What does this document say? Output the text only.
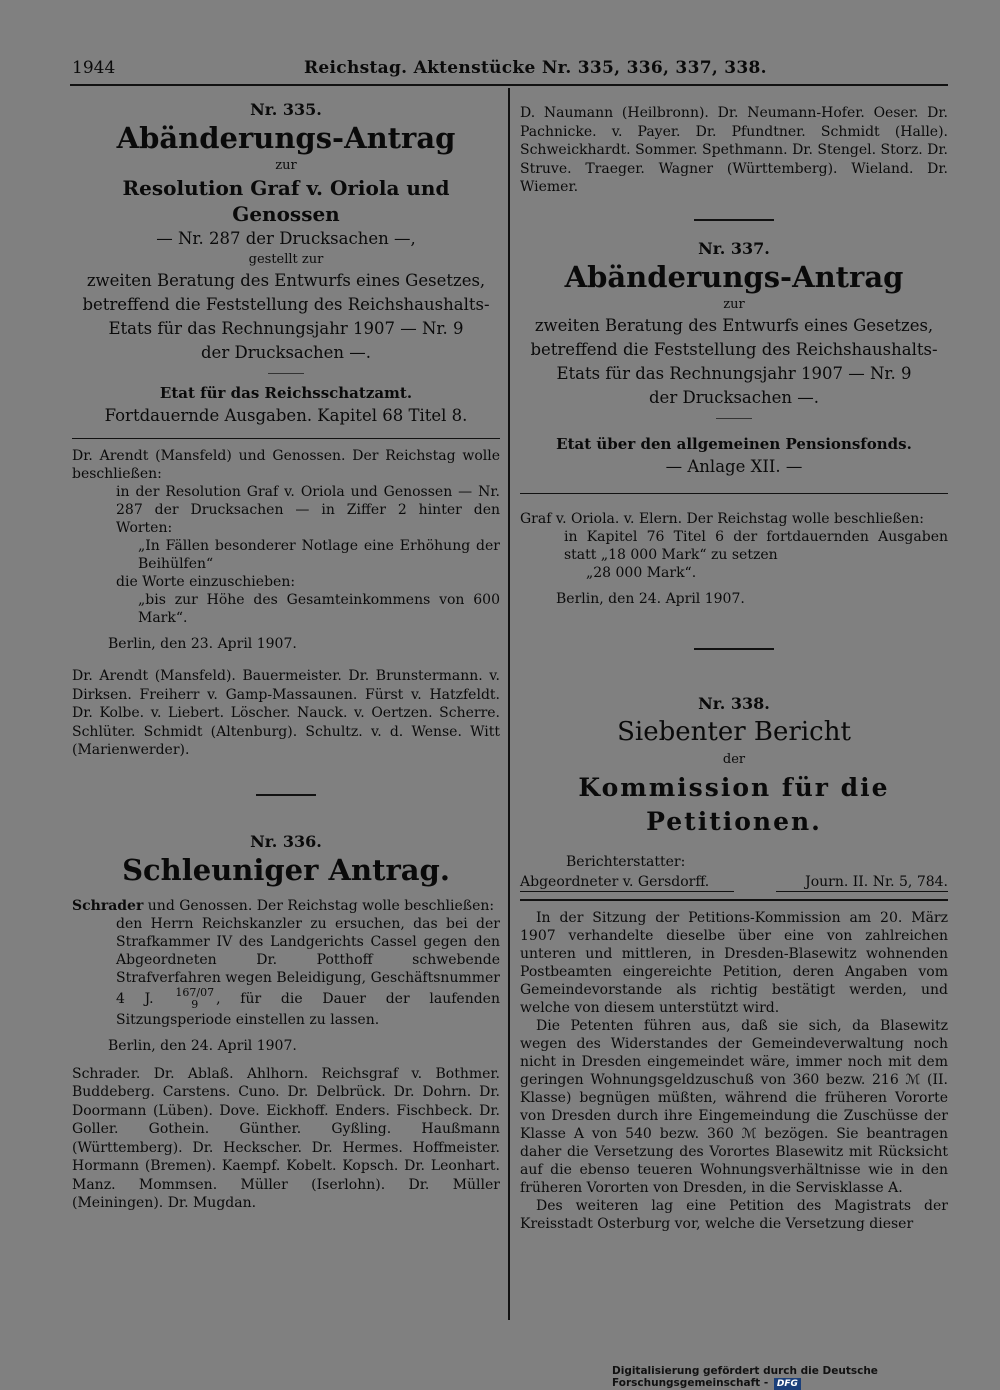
1944	Reichstag. Aktenstücke Nr. 335, 336, 337, 338.
Nr. 335.
Abänderungs-Antrag
zur
Resolution Graf v. Oriola und Genossen
— Nr. 287 der Drucksachen —,
gestellt zur
zweiten Beratung des Entwurfs eines Gesetzes,
betreffend die Feststellung des Reichshaushalts-
Etats für das Rechnungsjahr 1907 — Nr. 9
der Drucksachen —.
Etat für das Reichsschatzamt.
Fortdauernde Ausgaben. Kapitel 68 Titel 8.

Dr. Arendt (Mansfeld) und Genossen. Der Reichstag wolle beschließen:

in der Resolution Graf v. Oriola und Genossen — Nr. 287 der Drucksachen — in Ziffer 2 hinter den Worten:

„In Fällen besonderer Notlage eine Erhöhung der Beihülfen“

die Worte einzuschieben:

„bis zur Höhe des Gesamteinkommens von 600 Mark“.

Berlin, den 23. April 1907.

Dr. Arendt (Mansfeld). Bauermeister. Dr. Brunstermann. v. Dirksen. Freiherr v. Gamp-Massaunen. Fürst v. Hatzfeldt. Dr. Kolbe. v. Liebert. Löscher. Nauck. v. Oertzen. Scherre. Schlüter. Schmidt (Altenburg). Schultz. v. d. Wense. Witt (Marienwerder).

Nr. 336.
Schleuniger Antrag.

Schrader und Genossen. Der Reichstag wolle beschließen:

den Herrn Reichskanzler zu ersuchen, das bei der Strafkammer IV des Landgerichts Cassel gegen den Abgeordneten Dr. Potthoff schwebende Strafverfahren wegen Beleidigung, Geschäftsnummer 4 J. 167/07
9	, für die Dauer der laufenden Sitzungsperiode einstellen zu lassen.

Berlin, den 24. April 1907.

Schrader. Dr. Ablaß. Ahlhorn. Reichsgraf v. Bothmer. Buddeberg. Carstens. Cuno. Dr. Delbrück. Dr. Dohrn. Dr. Doormann (Lüben). Dove. Eickhoff. Enders. Fischbeck. Dr. Goller. Gothein. Günther. Gyßling. Haußmann (Württemberg). Dr. Heckscher. Dr. Hermes. Hoffmeister. Hormann (Bremen). Kaempf. Kobelt. Kopsch. Dr. Leonhart. Manz. Mommsen. Müller (Iserlohn). Dr. Müller (Meiningen). Dr. Mugdan.

D. Naumann (Heilbronn). Dr. Neumann-Hofer. Oeser. Dr. Pachnicke. v. Payer. Dr. Pfundtner. Schmidt (Halle). Schweickhardt. Sommer. Spethmann. Dr. Stengel. Storz. Dr. Struve. Traeger. Wagner (Württemberg). Wieland. Dr. Wiemer.

Nr. 337.
Abänderungs-Antrag
zur
zweiten Beratung des Entwurfs eines Gesetzes,
betreffend die Feststellung des Reichshaushalts-
Etats für das Rechnungsjahr 1907 — Nr. 9
der Drucksachen —.
Etat über den allgemeinen Pensionsfonds.
— Anlage XII. —

Graf v. Oriola. v. Elern. Der Reichstag wolle beschließen:

in Kapitel 76 Titel 6 der fortdauernden Ausgaben statt „18 000 Mark“ zu setzen

„28 000 Mark“.

Berlin, den 24. April 1907.

Nr. 338.
Siebenter Bericht
der
Kommission für die Petitionen.
Berichterstatter:
Abgeordneter v. Gersdorff.	Journ. II. Nr. 5, 784.

In der Sitzung der Petitions-Kommission am 20. März 1907 verhandelte dieselbe über eine von zahlreichen unteren und mittleren, in Dresden-Blasewitz wohnenden Postbeamten eingereichte Petition, deren Angaben vom Gemeindevorstande als richtig bestätigt werden, und welche von diesem unterstützt wird.

Die Petenten führen aus, daß sie sich, da Blasewitz wegen des Widerstandes der Gemeindeverwaltung noch nicht in Dresden eingemeindet wäre, immer noch mit dem geringen Wohnungsgeldzuschuß von 360 bezw. 216 ℳ (II. Klasse) begnügen müßten, während die früheren Vororte von Dresden durch ihre Eingemeindung die Zuschüsse der Klasse A von 540 bezw. 360 ℳ bezögen. Sie beantragen daher die Versetzung des Vorortes Blasewitz mit Rücksicht auf die ebenso teueren Wohnungsverhältnisse wie in den früheren Vororten von Dresden, in die Servisklasse A.

Des weiteren lag eine Petition des Magistrats der Kreisstadt Osterburg vor, welche die Versetzung dieser

Digitalisierung gefördert durch die Deutsche Forschungsgemeinschaft - DFG
